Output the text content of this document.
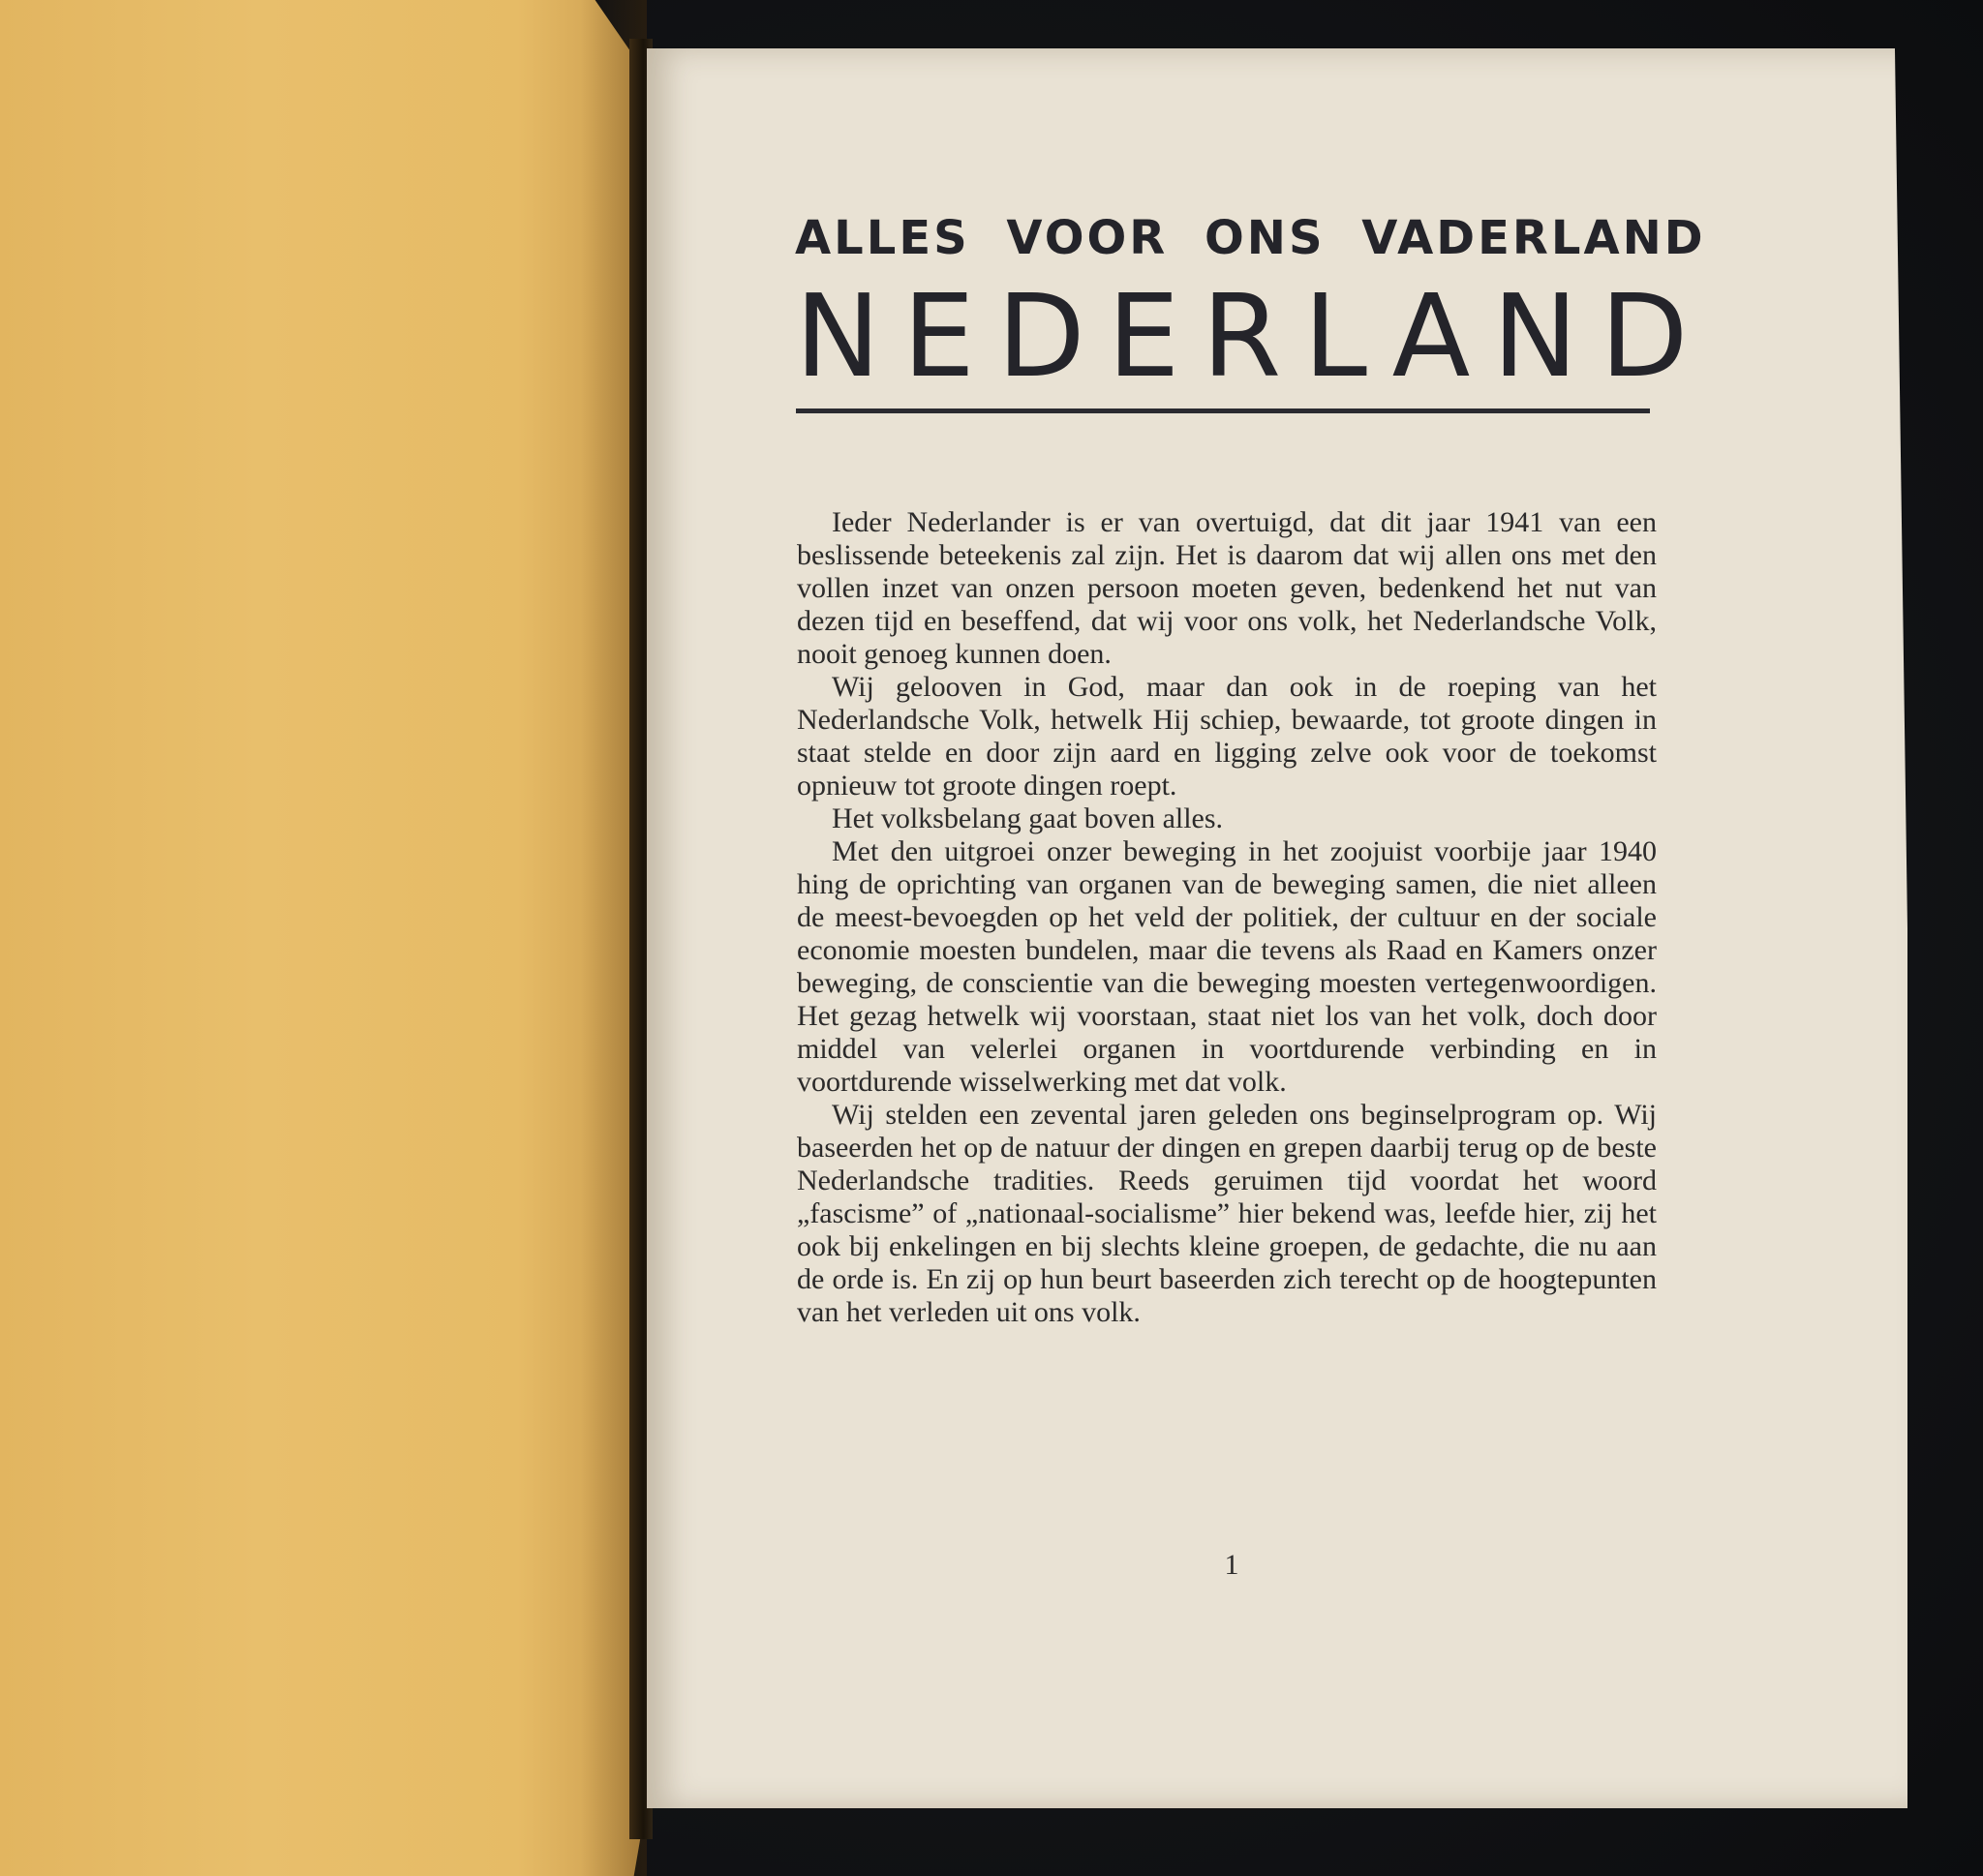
ALLES VOOR ONS VADERLAND
NEDERLAND

Ieder Nederlander is er van overtuigd, dat dit jaar 1941 van een beslissende beteekenis zal zijn. Het is daarom dat wij allen ons met den vollen inzet van onzen persoon moeten geven, bedenkend het nut van dezen tijd en beseffend, dat wij voor ons volk, het Nederlandsche Volk, nooit genoeg kunnen doen.

Wij gelooven in God, maar dan ook in de roeping van het Nederlandsche Volk, hetwelk Hij schiep, bewaarde, tot groote dingen in staat stelde en door zijn aard en ligging zelve ook voor de toekomst opnieuw tot groote dingen roept.

Het volksbelang gaat boven alles.

Met den uitgroei onzer beweging in het zoojuist voorbije jaar 1940 hing de oprichting van organen van de beweging samen, die niet alleen de meest-bevoegden op het veld der politiek, der cultuur en der sociale economie moesten bundelen, maar die tevens als Raad en Kamers onzer beweging, de conscientie van die beweging moesten vertegenwoordigen. Het gezag hetwelk wij voorstaan, staat niet los van het volk, doch door middel van velerlei organen in voortdurende verbinding en in voortdurende wisselwerking met dat volk.

Wij stelden een zevental jaren geleden ons beginselprogram op. Wij baseerden het op de natuur der dingen en grepen daarbij terug op de beste Nederlandsche tradities. Reeds geruimen tijd voordat het woord „fascisme” of „nationaal-socialisme” hier bekend was, leefde hier, zij het ook bij enkelingen en bij slechts kleine groepen, de gedachte, die nu aan de orde is. En zij op hun beurt baseerden zich terecht op de hoogtepunten van het verleden uit ons volk.

1
